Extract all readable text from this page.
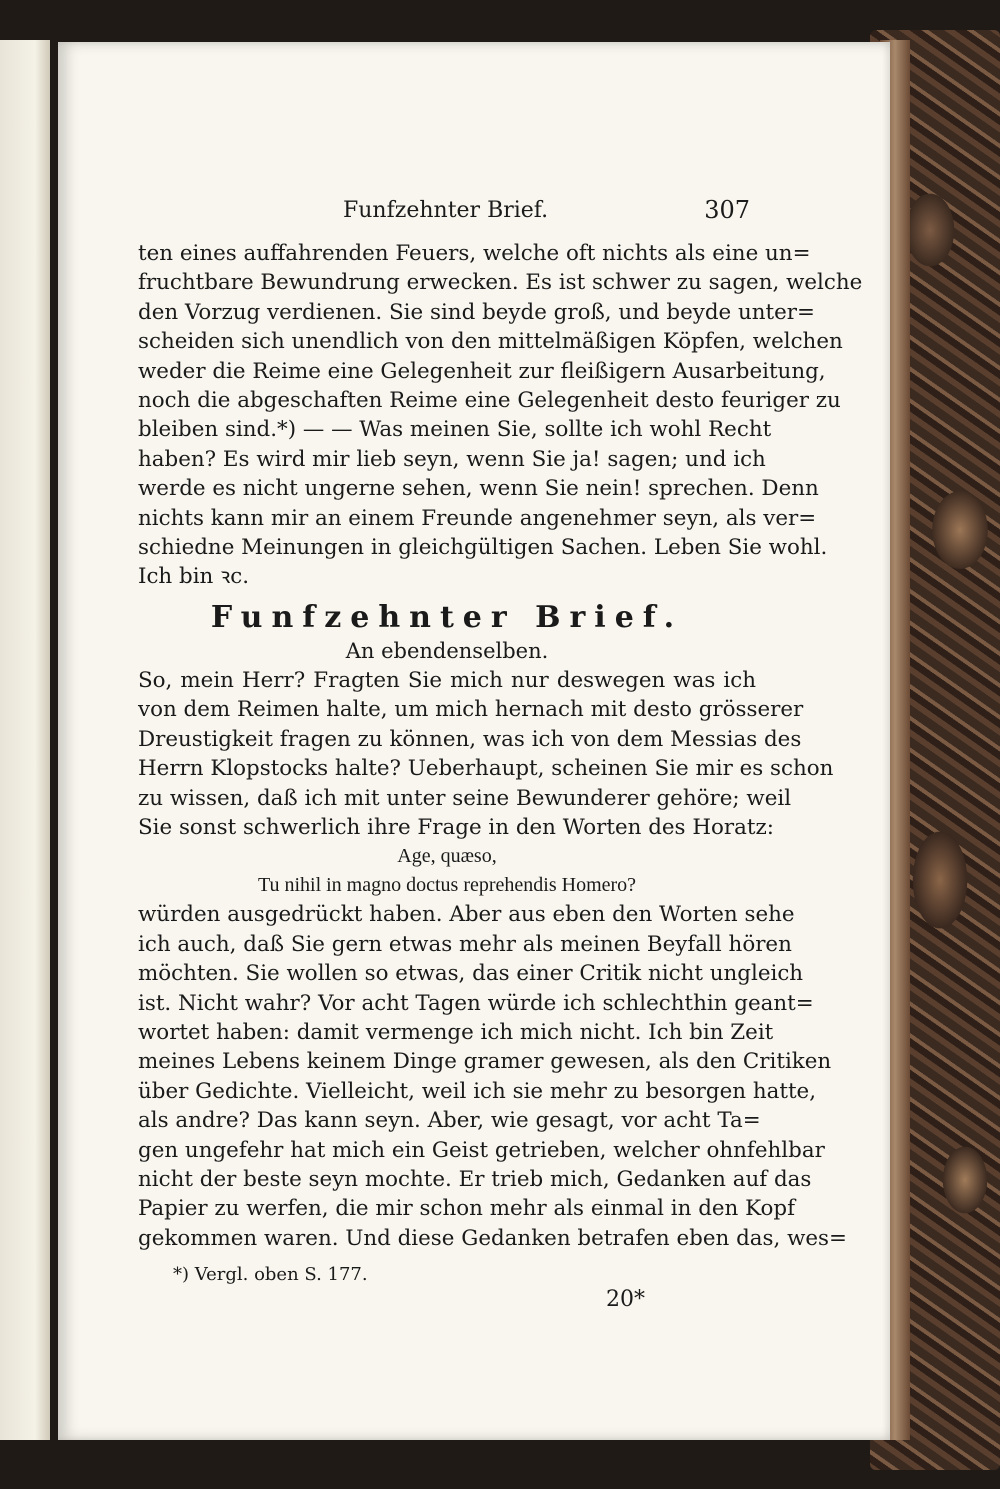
Funfzehnter Brief.	307
ten eines auffahrenden Feuers, welche oft nichts als eine un=
fruchtbare Bewundrung erwecken. Es ist schwer zu sagen, welche
den Vorzug verdienen. Sie sind beyde groß, und beyde unter=
scheiden sich unendlich von den mittelmäßigen Köpfen, welchen
weder die Reime eine Gelegenheit zur fleißigern Ausarbeitung,
noch die abgeschaften Reime eine Gelegenheit desto feuriger zu
bleiben sind.*) — — Was meinen Sie, sollte ich wohl Recht
haben? Es wird mir lieb seyn, wenn Sie ja! sagen; und ich
werde es nicht ungerne sehen, wenn Sie nein! sprechen. Denn
nichts kann mir an einem Freunde angenehmer seyn, als ver=
schiedne Meinungen in gleichgültigen Sachen. Leben Sie wohl.
Ich bin ꝛc.
Funfzehnter Brief.
An ebendenselben.
So, mein Herr? Fragten Sie mich nur deswegen was ich
von dem Reimen halte, um mich hernach mit desto grösserer
Dreustigkeit fragen zu können, was ich von dem Messias des
Herrn Klopstocks halte? Ueberhaupt, scheinen Sie mir es schon
zu wissen, daß ich mit unter seine Bewunderer gehöre; weil
Sie sonst schwerlich ihre Frage in den Worten des Horatz:
Age, quæso,
Tu nihil in magno doctus reprehendis Homero?
würden ausgedrückt haben. Aber aus eben den Worten sehe
ich auch, daß Sie gern etwas mehr als meinen Beyfall hören
möchten. Sie wollen so etwas, das einer Critik nicht ungleich
ist. Nicht wahr? Vor acht Tagen würde ich schlechthin geant=
wortet haben: damit vermenge ich mich nicht. Ich bin Zeit
meines Lebens keinem Dinge gramer gewesen, als den Critiken
über Gedichte. Vielleicht, weil ich sie mehr zu besorgen hatte,
als andre? Das kann seyn. Aber, wie gesagt, vor acht Ta=
gen ungefehr hat mich ein Geist getrieben, welcher ohnfehlbar
nicht der beste seyn mochte. Er trieb mich, Gedanken auf das
Papier zu werfen, die mir schon mehr als einmal in den Kopf
gekommen waren. Und diese Gedanken betrafen eben das, wes=
*) Vergl. oben S. 177.
20*
